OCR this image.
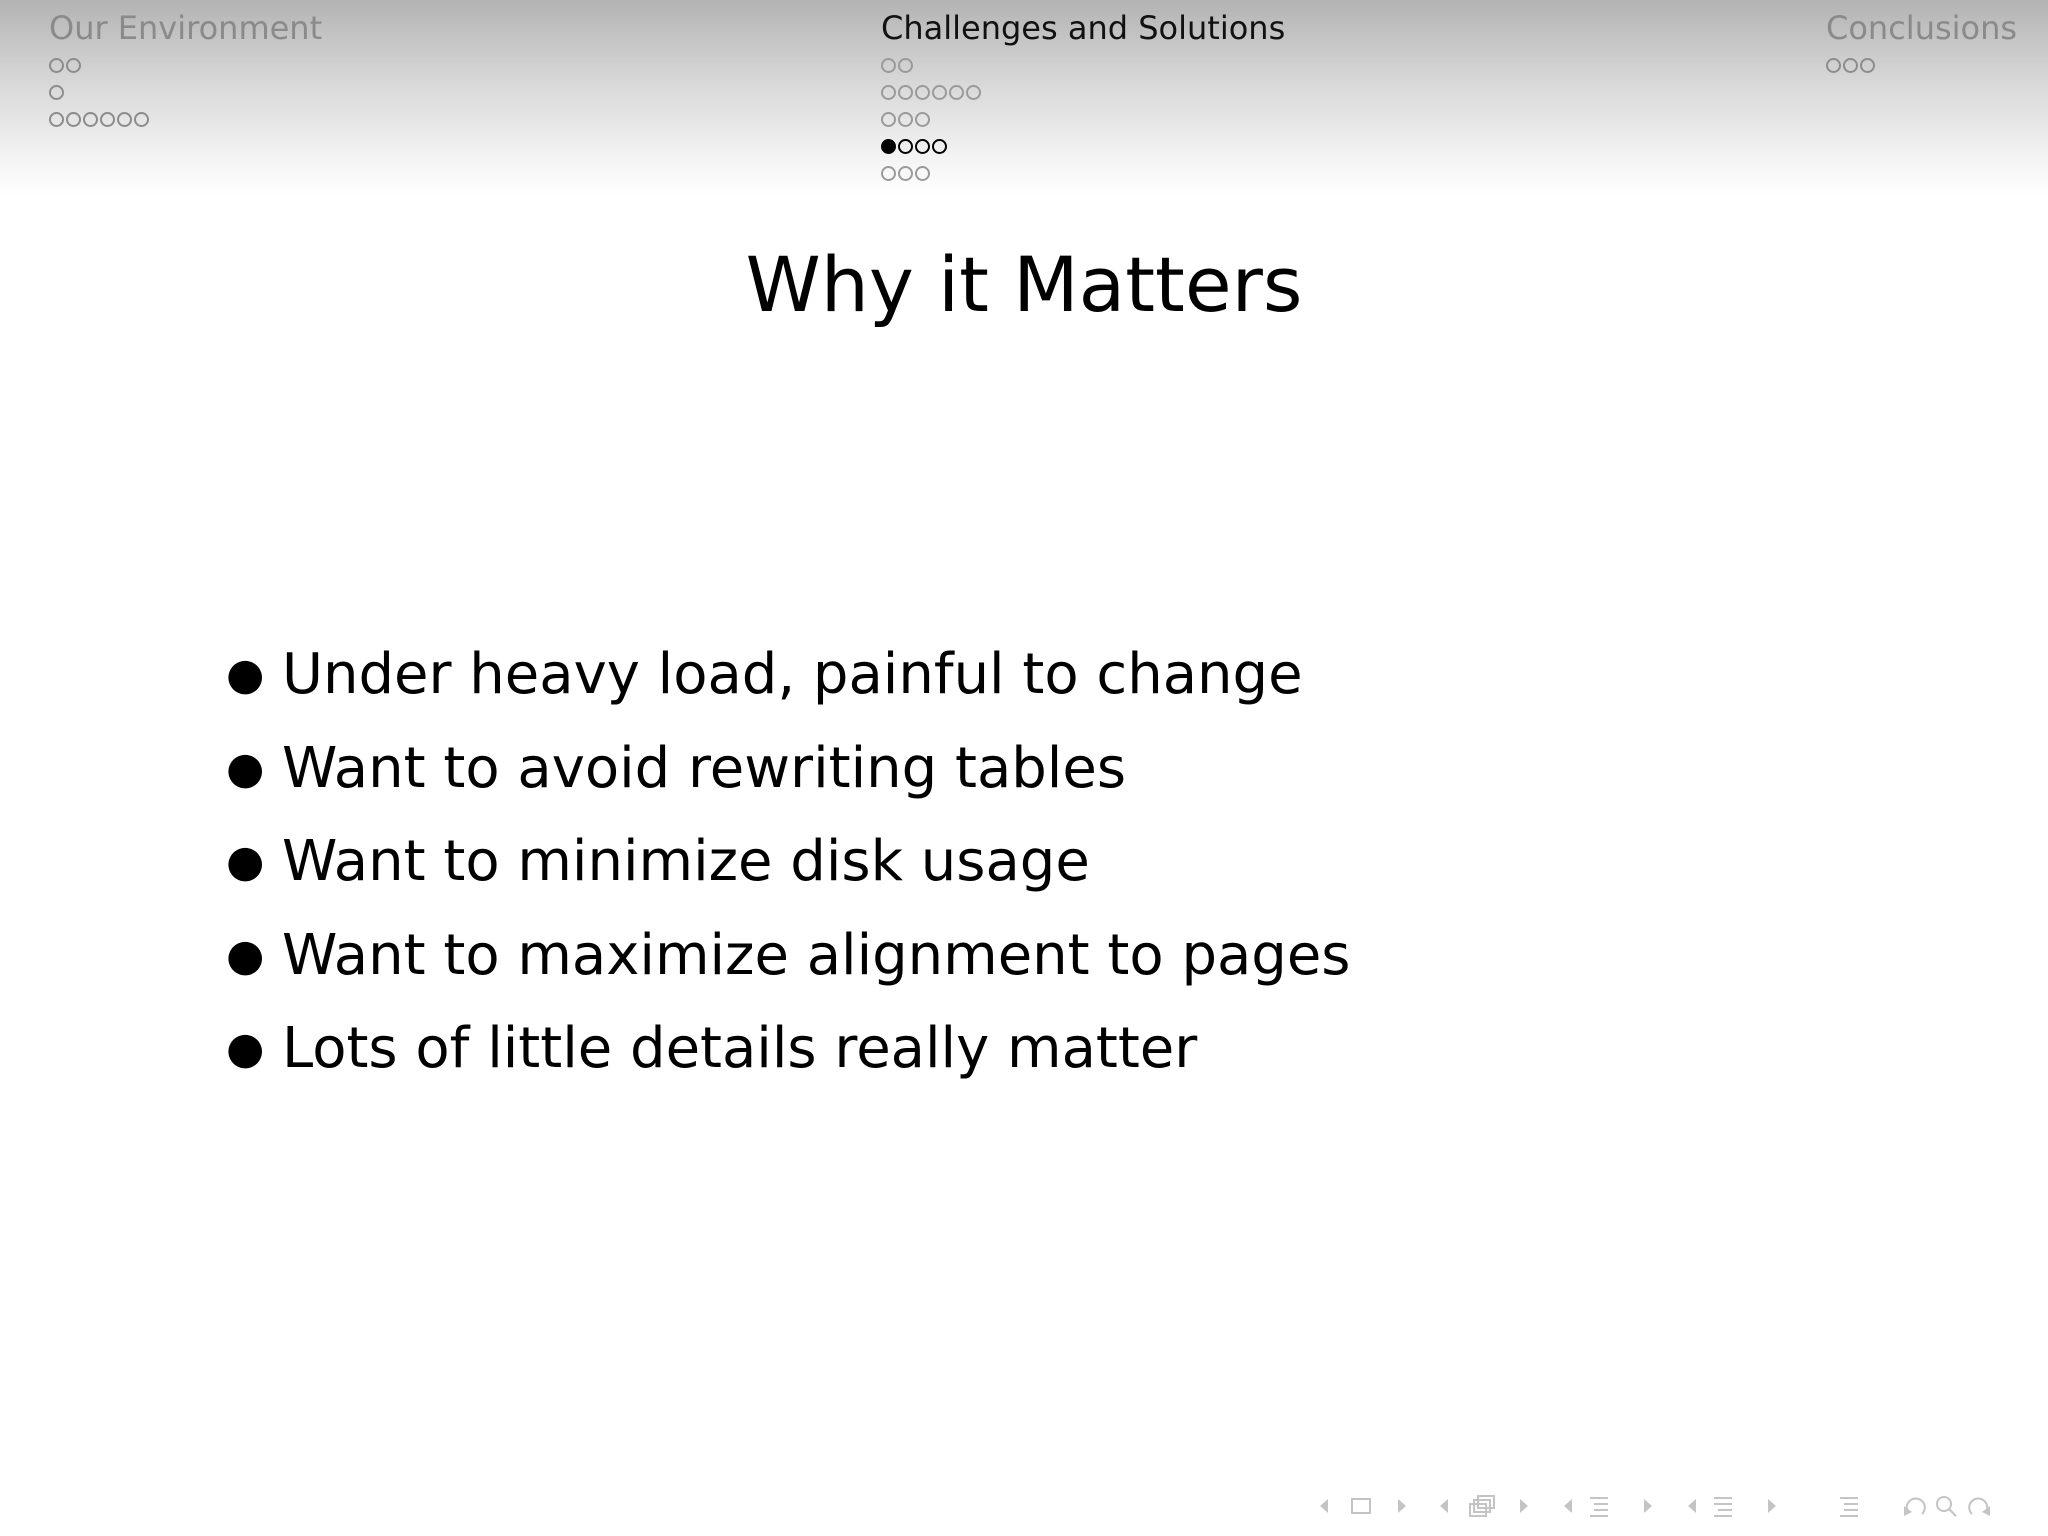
Our Environment	Challenges and Solutions	Conclusions
Why it Matters
● Under heavy load, painful to change
● Want to avoid rewriting tables
● Want to minimize disk usage
● Want to maximize alignment to pages
● Lots of little details really matter
